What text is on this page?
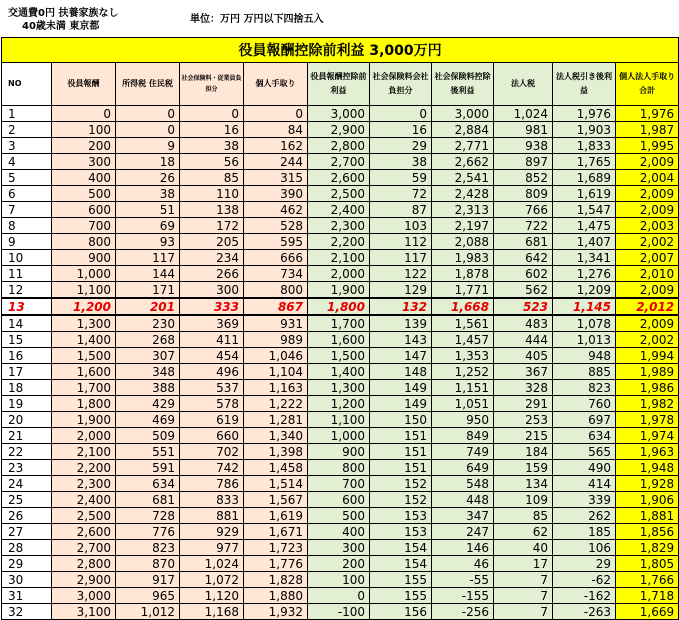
交通費0円 扶養家族なし
40歳未満 東京都
単位：万円 万円以下四捨五入
役員報酬控除前利益 3,000万円										
NO	役員報酬	所得税 住民税	社会保険料・従業員負担分	個人手取り	役員報酬控除前利益	社会保険料会社負担分	社会保険料控除後利益	法人税	法人税引き後利益	個人法人手取り合計
1	0	0	0	0	3,000	0	3,000	1,024	1,976	1,976
2	100	0	16	84	2,900	16	2,884	981	1,903	1,987
3	200	9	38	162	2,800	29	2,771	938	1,833	1,995
4	300	18	56	244	2,700	38	2,662	897	1,765	2,009
5	400	26	85	315	2,600	59	2,541	852	1,689	2,004
6	500	38	110	390	2,500	72	2,428	809	1,619	2,009
7	600	51	138	462	2,400	87	2,313	766	1,547	2,009
8	700	69	172	528	2,300	103	2,197	722	1,475	2,003
9	800	93	205	595	2,200	112	2,088	681	1,407	2,002
10	900	117	234	666	2,100	117	1,983	642	1,341	2,007
11	1,000	144	266	734	2,000	122	1,878	602	1,276	2,010
12	1,100	171	300	800	1,900	129	1,771	562	1,209	2,009
13	1,200	201	333	867	1,800	132	1,668	523	1,145	2,012
14	1,300	230	369	931	1,700	139	1,561	483	1,078	2,009
15	1,400	268	411	989	1,600	143	1,457	444	1,013	2,002
16	1,500	307	454	1,046	1,500	147	1,353	405	948	1,994
17	1,600	348	496	1,104	1,400	148	1,252	367	885	1,989
18	1,700	388	537	1,163	1,300	149	1,151	328	823	1,986
19	1,800	429	578	1,222	1,200	149	1,051	291	760	1,982
20	1,900	469	619	1,281	1,100	150	950	253	697	1,978
21	2,000	509	660	1,340	1,000	151	849	215	634	1,974
22	2,100	551	702	1,398	900	151	749	184	565	1,963
23	2,200	591	742	1,458	800	151	649	159	490	1,948
24	2,300	634	786	1,514	700	152	548	134	414	1,928
25	2,400	681	833	1,567	600	152	448	109	339	1,906
26	2,500	728	881	1,619	500	153	347	85	262	1,881
27	2,600	776	929	1,671	400	153	247	62	185	1,856
28	2,700	823	977	1,723	300	154	146	40	106	1,829
29	2,800	870	1,024	1,776	200	154	46	17	29	1,805
30	2,900	917	1,072	1,828	100	155	-55	7	-62	1,766
31	3,000	965	1,120	1,880	0	155	-155	7	-162	1,718
32	3,100	1,012	1,168	1,932	-100	156	-256	7	-263	1,669
